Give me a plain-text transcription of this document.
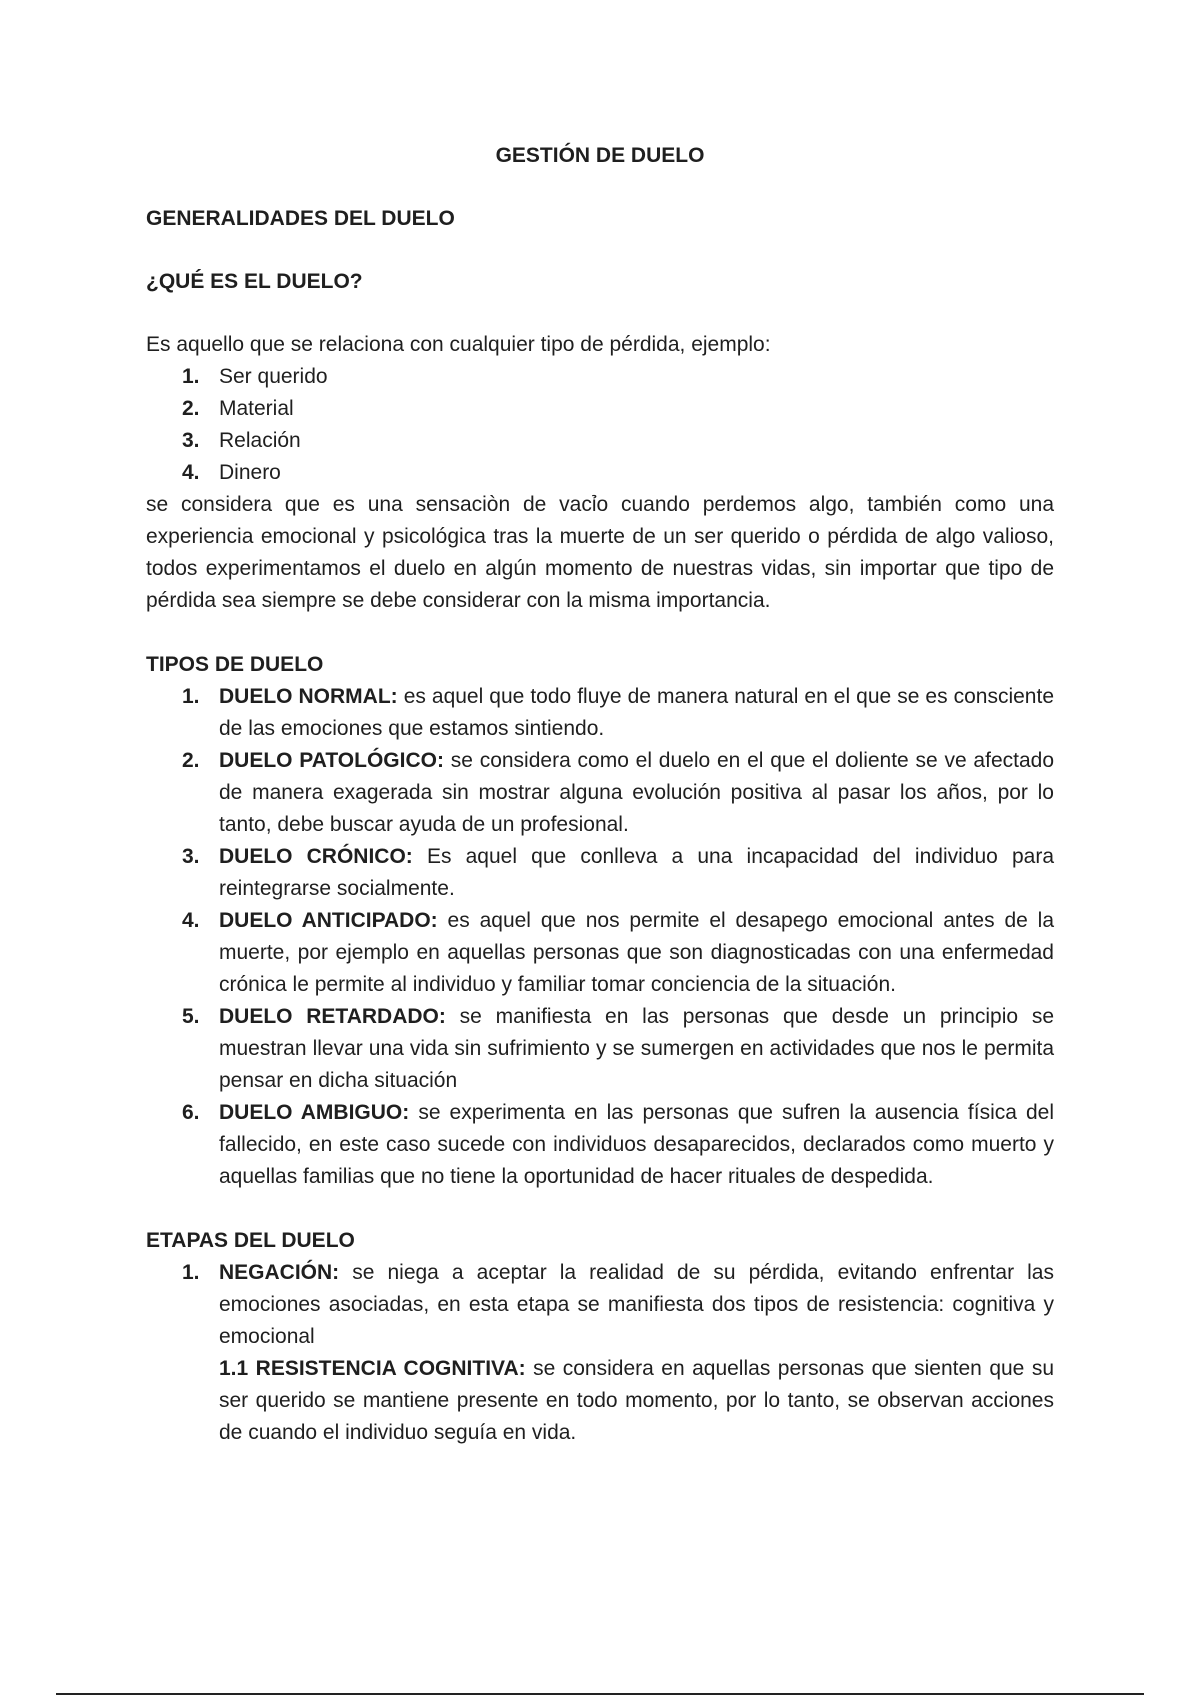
GESTIÓN DE DUELO

GENERALIDADES DEL DUELO
¿QUÉ ES EL DUELO?

Es aquello que se relaciona con cualquier tipo de pérdida, ejemplo:

1. Ser querido
2. Material
3. Relación
4. Dinero

se considera que es una sensaciòn de vacỉo cuando perdemos algo, también como una experiencia emocional y psicológica tras la muerte de un ser querido o pérdida de algo valioso, todos experimentamos el duelo en algún momento de nuestras vidas, sin importar que tipo de pérdida sea siempre se debe considerar con la misma importancia.

TIPOS DE DUELO
1. DUELO NORMAL: es aquel que todo fluye de manera natural en el que se es consciente de las emociones que estamos sintiendo.
2. DUELO PATOLÓGICO: se considera como el duelo en el que el doliente se ve afectado de manera exagerada sin mostrar alguna evolución positiva al pasar los años, por lo tanto, debe buscar ayuda de un profesional.
3. DUELO CRÓNICO: Es aquel que conlleva a una incapacidad del individuo para reintegrarse socialmente.
4. DUELO ANTICIPADO: es aquel que nos permite el desapego emocional antes de la muerte, por ejemplo en aquellas personas que son diagnosticadas con una enfermedad crónica le permite al individuo y familiar tomar conciencia de la situación.
5. DUELO RETARDADO: se manifiesta en las personas que desde un principio se muestran llevar una vida sin sufrimiento y se sumergen en actividades que nos le permita pensar en dicha situación
6. DUELO AMBIGUO: se experimenta en las personas que sufren la ausencia física del fallecido, en este caso sucede con individuos desaparecidos, declarados como muerto y aquellas familias que no tiene la oportunidad de hacer rituales de despedida.
ETAPAS DEL DUELO
1. NEGACIÓN: se niega a aceptar la realidad de su pérdida, evitando enfrentar las emociones asociadas, en esta etapa se manifiesta dos tipos de resistencia: cognitiva y emocional
1.1 RESISTENCIA COGNITIVA: se considera en aquellas personas que sienten que su ser querido se mantiene presente en todo momento, por lo tanto, se observan acciones de cuando el individuo seguía en vida.
